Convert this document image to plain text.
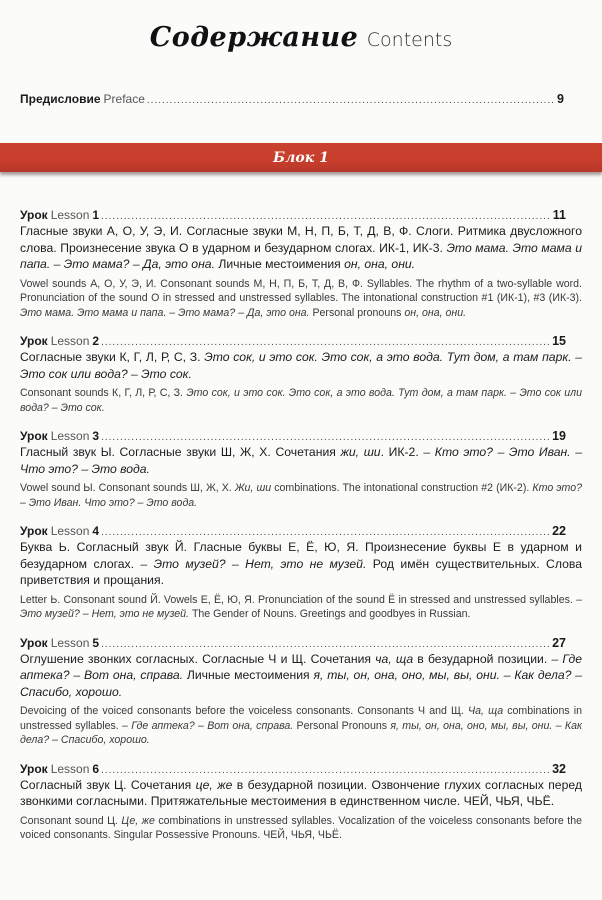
Содержание Contents
Предисловие Preface .....	9
Блок 1
Урок Lesson 1 .....	11
Гласные звуки А, О, У, Э, И. Согласные звуки М, Н, П, Б, Т, Д, В, Ф. Слоги. Ритмика двусложного слова. Произнесение звука О в ударном и безударном слогах. ИК-1, ИК-3. Это мама. Это мама и папа. – Это мама? – Да, это она. Личные местоимения он, она, они.
Vowel sounds А, О, У, Э, И. Consonant sounds М, Н, П, Б, Т, Д, В, Ф. Syllables. The rhythm of a two-syllable word. Pronunciation of the sound O in stressed and unstressed syllables. The intonational construction #1 (ИК-1), #3 (ИК-3). Это мама. Это мама и папа. – Это мама? – Да, это она. Personal pronouns он, она, они.
Урок Lesson 2 .....	15
Согласные звуки К, Г, Л, Р, С, З. Это сок, и это сок. Это сок, а это вода. Тут дом, а там парк. – Это сок или вода? – Это сок.
Consonant sounds К, Г, Л, Р, С, З. Это сок, и это сок. Это сок, а это вода. Тут дом, а там парк. – Это сок или вода? – Это сок.
Урок Lesson 3 .....	19
Гласный звук Ы. Согласные звуки Ш, Ж, Х. Сочетания жи, ши. ИК-2. – Кто это? – Это Иван. – Что это? – Это вода.
Vowel sound Ы. Consonant sounds Ш, Ж, Х. Жи, ши combinations. The intonational construction #2 (ИК-2). Кто это? – Это Иван. Что это? – Это вода.
Урок Lesson 4 .....	22
Буква Ь. Согласный звук Й. Гласные буквы Е, Ё, Ю, Я. Произнесение буквы Е в ударном и безударном слогах. – Это музей? – Нет, это не музей. Род имён существительных. Слова приветствия и прощания.
Letter Ь. Consonant sound Й. Vowels Е, Ё, Ю, Я. Pronunciation of the sound Ё in stressed and unstressed syllables. – Это музей? – Нет, это не музей. The Gender of Nouns. Greetings and goodbyes in Russian.
Урок Lesson 5 .....	27
Оглушение звонких согласных. Согласные Ч и Щ. Сочетания ча, ща в безударной позиции. – Где аптека? – Вот она, справа. Личные местоимения я, ты, он, она, оно, мы, вы, они. – Как дела? – Спасибо, хорошо.
Devoicing of the voiced consonants before the voiceless consonants. Consonants Ч and Щ. Ча, ща combinations in unstressed syllables. – Где аптека? – Вот она, справа. Personal Pronouns я, ты, он, она, оно, мы, вы, они. – Как дела? – Спасибо, хорошо.
Урок Lesson 6 .....	32
Согласный звук Ц. Сочетания це, же в безударной позиции. Озвончение глухих согласных перед звонкими согласными. Притяжательные местоимения в единственном числе. ЧЕЙ, ЧЬЯ, ЧЬЁ.
Consonant sound Ц. Це, же combinations in unstressed syllables. Vocalization of the voiceless consonants before the voiced consonants. Singular Possessive Pronouns. ЧЕЙ, ЧЬЯ, ЧЬЁ.
